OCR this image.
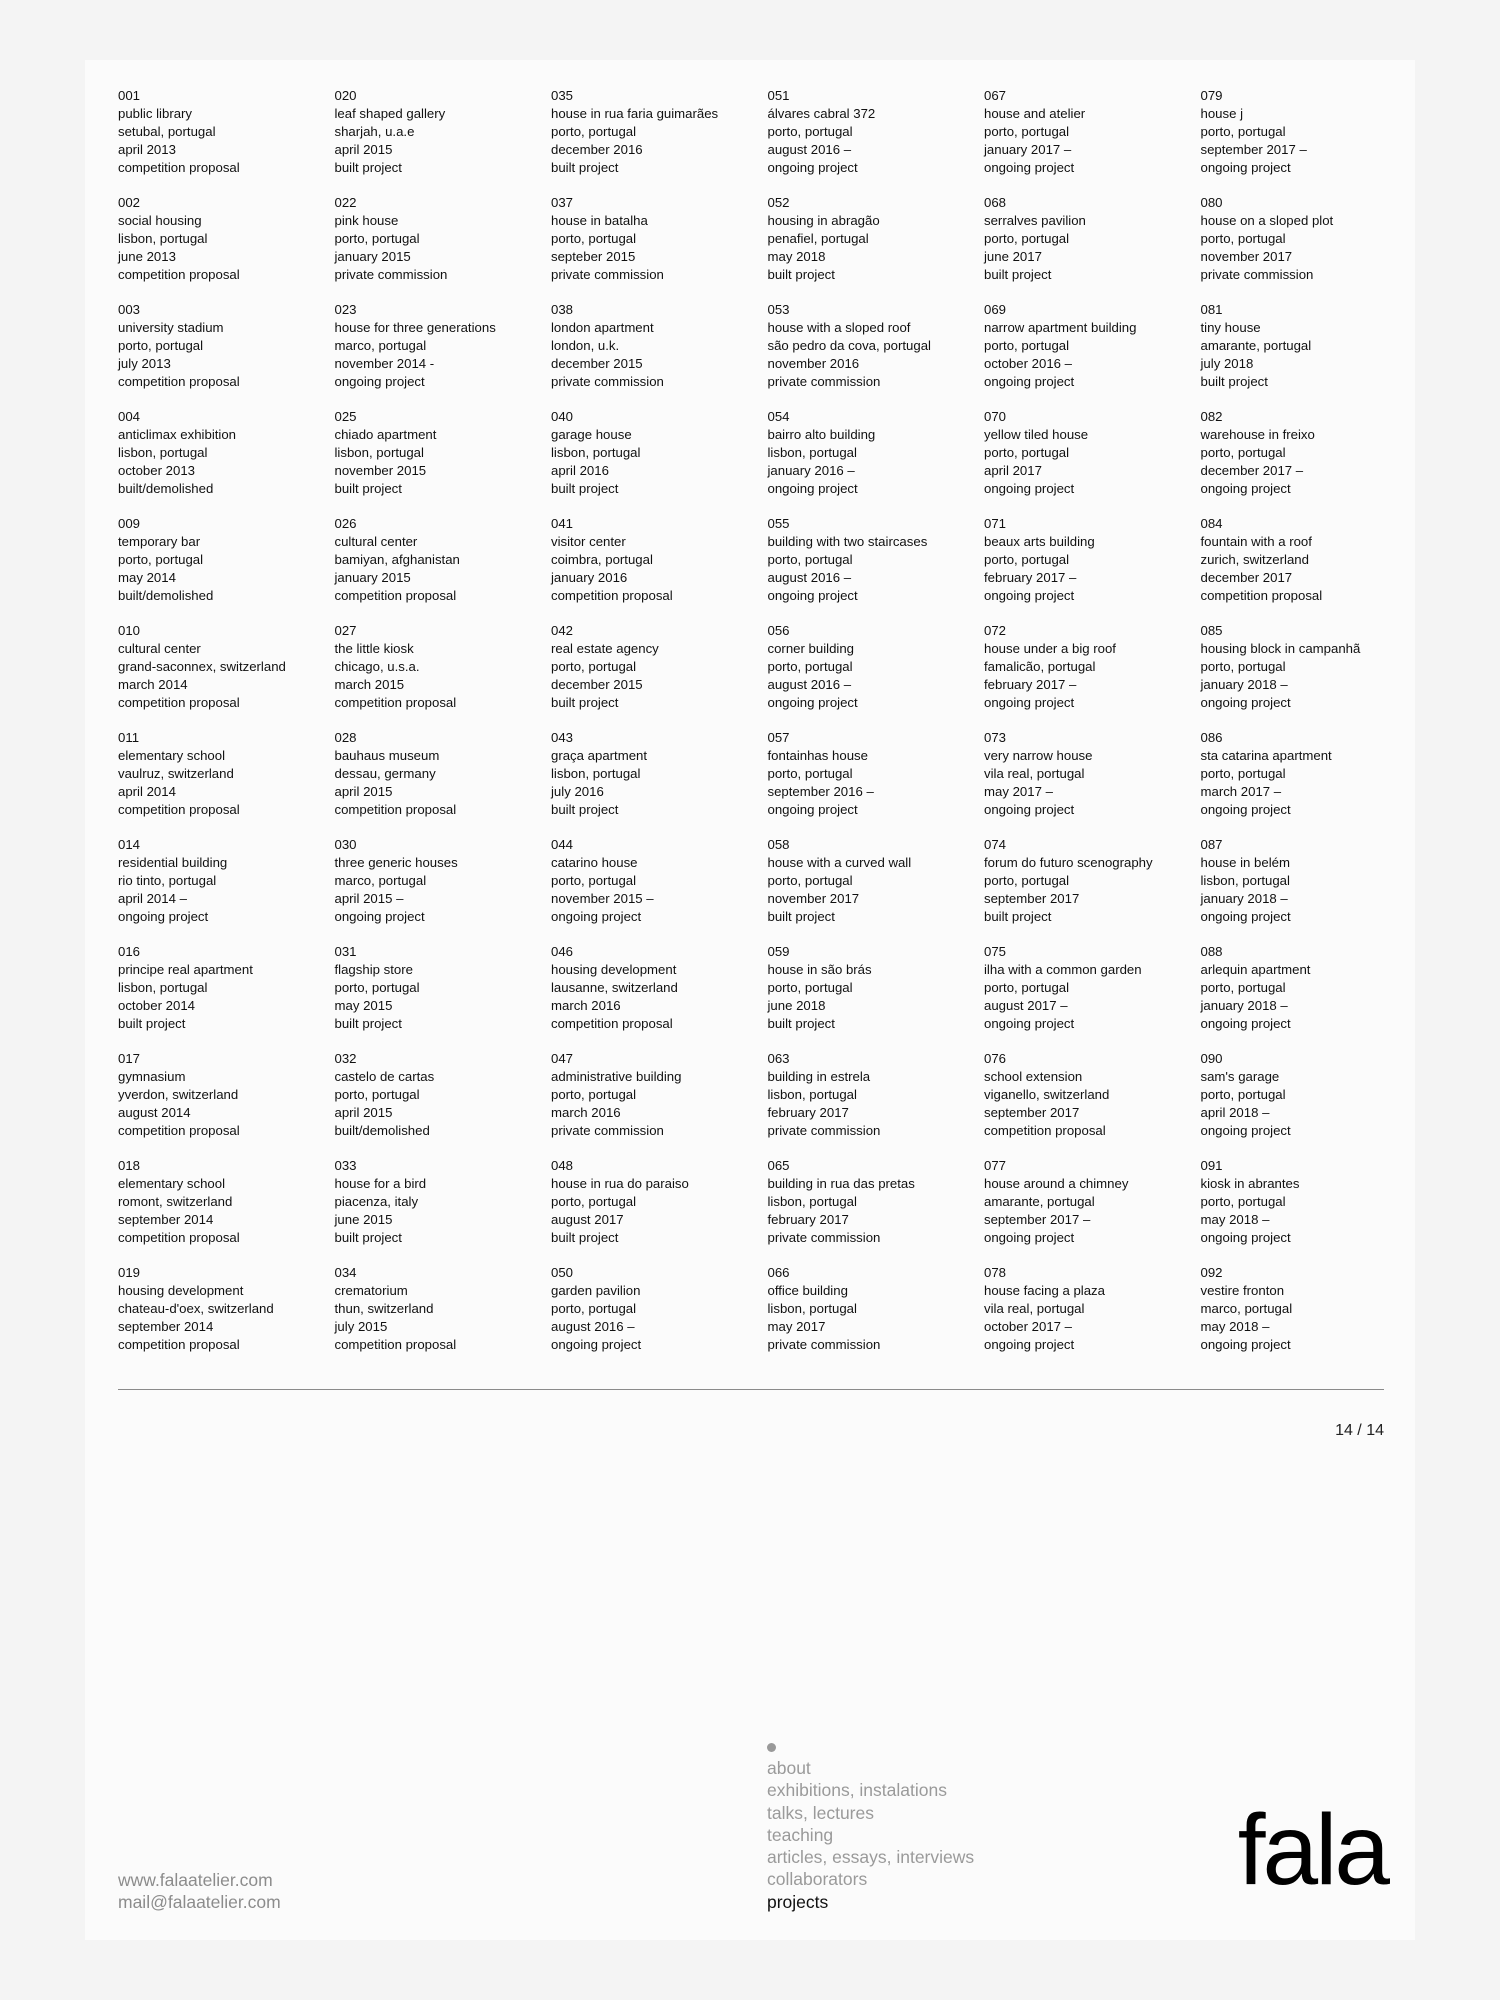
001
public library
setubal, portugal
april 2013
competition proposal
020
leaf shaped gallery
sharjah, u.a.e
april 2015
built project
035
house in rua faria guimarães
porto, portugal
december 2016
built project
051
álvares cabral 372
porto, portugal
august 2016 –
ongoing project
067
house and atelier
porto, portugal
january 2017 –
ongoing project
079
house j
porto, portugal
september 2017 –
ongoing project
002
social housing
lisbon, portugal
june 2013
competition proposal
022
pink house
porto, portugal
january 2015
private commission
037
house in batalha
porto, portugal
septeber 2015
private commission
052
housing in abragão
penafiel, portugal
may 2018
built project
068
serralves pavilion
porto, portugal
june 2017
built project
080
house on a sloped plot
porto, portugal
november 2017
private commission
003
university stadium
porto, portugal
july 2013
competition proposal
023
house for three generations
marco, portugal
november 2014 -
ongoing project
038
london apartment
london, u.k.
december 2015
private commission
053
house with a sloped roof
são pedro da cova, portugal
november 2016
private commission
069
narrow apartment building
porto, portugal
october 2016 –
ongoing project
081
tiny house
amarante, portugal
july 2018
built project
004
anticlimax exhibition
lisbon, portugal
october 2013
built/demolished
025
chiado apartment
lisbon, portugal
november 2015
built project
040
garage house
lisbon, portugal
april 2016
built project
054
bairro alto building
lisbon, portugal
january 2016 –
ongoing project
070
yellow tiled house
porto, portugal
april 2017
ongoing project
082
warehouse in freixo
porto, portugal
december 2017 –
ongoing project
009
temporary bar
porto, portugal
may 2014
built/demolished
026
cultural center
bamiyan, afghanistan
january 2015
competition proposal
041
visitor center
coimbra, portugal
january 2016
competition proposal
055
building with two staircases
porto, portugal
august 2016 –
ongoing project
071
beaux arts building
porto, portugal
february 2017 –
ongoing project
084
fountain with a roof
zurich, switzerland
december 2017
competition proposal
010
cultural center
grand-saconnex, switzerland
march 2014
competition proposal
027
the little kiosk
chicago, u.s.a.
march 2015
competition proposal
042
real estate agency
porto, portugal
december 2015
built project
056
corner building
porto, portugal
august 2016 –
ongoing project
072
house under a big roof
famalicão, portugal
february 2017 –
ongoing project
085
housing block in campanhã
porto, portugal
january 2018 –
ongoing project
011
elementary school
vaulruz, switzerland
april 2014
competition proposal
028
bauhaus museum
dessau, germany
april 2015
competition proposal
043
graça apartment
lisbon, portugal
july 2016
built project
057
fontainhas house
porto, portugal
september 2016 –
ongoing project
073
very narrow house
vila real, portugal
may 2017 –
ongoing project
086
sta catarina apartment
porto, portugal
march 2017 –
ongoing project
014
residential building
rio tinto, portugal
april 2014 –
ongoing project
030
three generic houses
marco, portugal
april 2015 –
ongoing project
044
catarino house
porto, portugal
november 2015 –
ongoing project
058
house with a curved wall
porto, portugal
november 2017
built project
074
forum do futuro scenography
porto, portugal
september 2017
built project
087
house in belém
lisbon, portugal
january 2018 –
ongoing project
016
principe real apartment
lisbon, portugal
october 2014
built project
031
flagship store
porto, portugal
may 2015
built project
046
housing development
lausanne, switzerland
march 2016
competition proposal
059
house in são brás
porto, portugal
june 2018
built project
075
ilha with a common garden
porto, portugal
august 2017 –
ongoing project
088
arlequin apartment
porto, portugal
january 2018 –
ongoing project
017
gymnasium
yverdon, switzerland
august 2014
competition proposal
032
castelo de cartas
porto, portugal
april 2015
built/demolished
047
administrative building
porto, portugal
march 2016
private commission
063
building in estrela
lisbon, portugal
february 2017
private commission
076
school extension
viganello, switzerland
september 2017
competition proposal
090
sam's garage
porto, portugal
april 2018 –
ongoing project
018
elementary school
romont, switzerland
september 2014
competition proposal
033
house for a bird
piacenza, italy
june 2015
built project
048
house in rua do paraiso
porto, portugal
august 2017
built project
065
building in rua das pretas
lisbon, portugal
february 2017
private commission
077
house around a chimney
amarante, portugal
september 2017 –
ongoing project
091
kiosk in abrantes
porto, portugal
may 2018 –
ongoing project
019
housing development
chateau-d'oex, switzerland
september 2014
competition proposal
034
crematorium
thun, switzerland
july 2015
competition proposal
050
garden pavilion
porto, portugal
august 2016 –
ongoing project
066
office building
lisbon, portugal
may 2017
private commission
078
house facing a plaza
vila real, portugal
october 2017 –
ongoing project
092
vestire fronton
marco, portugal
may 2018 –
ongoing project
14 / 14
www.falaatelier.com
mail@falaatelier.com
about
exhibitions, instalations
talks, lectures
teaching
articles, essays, interviews
collaborators
projects	fala
